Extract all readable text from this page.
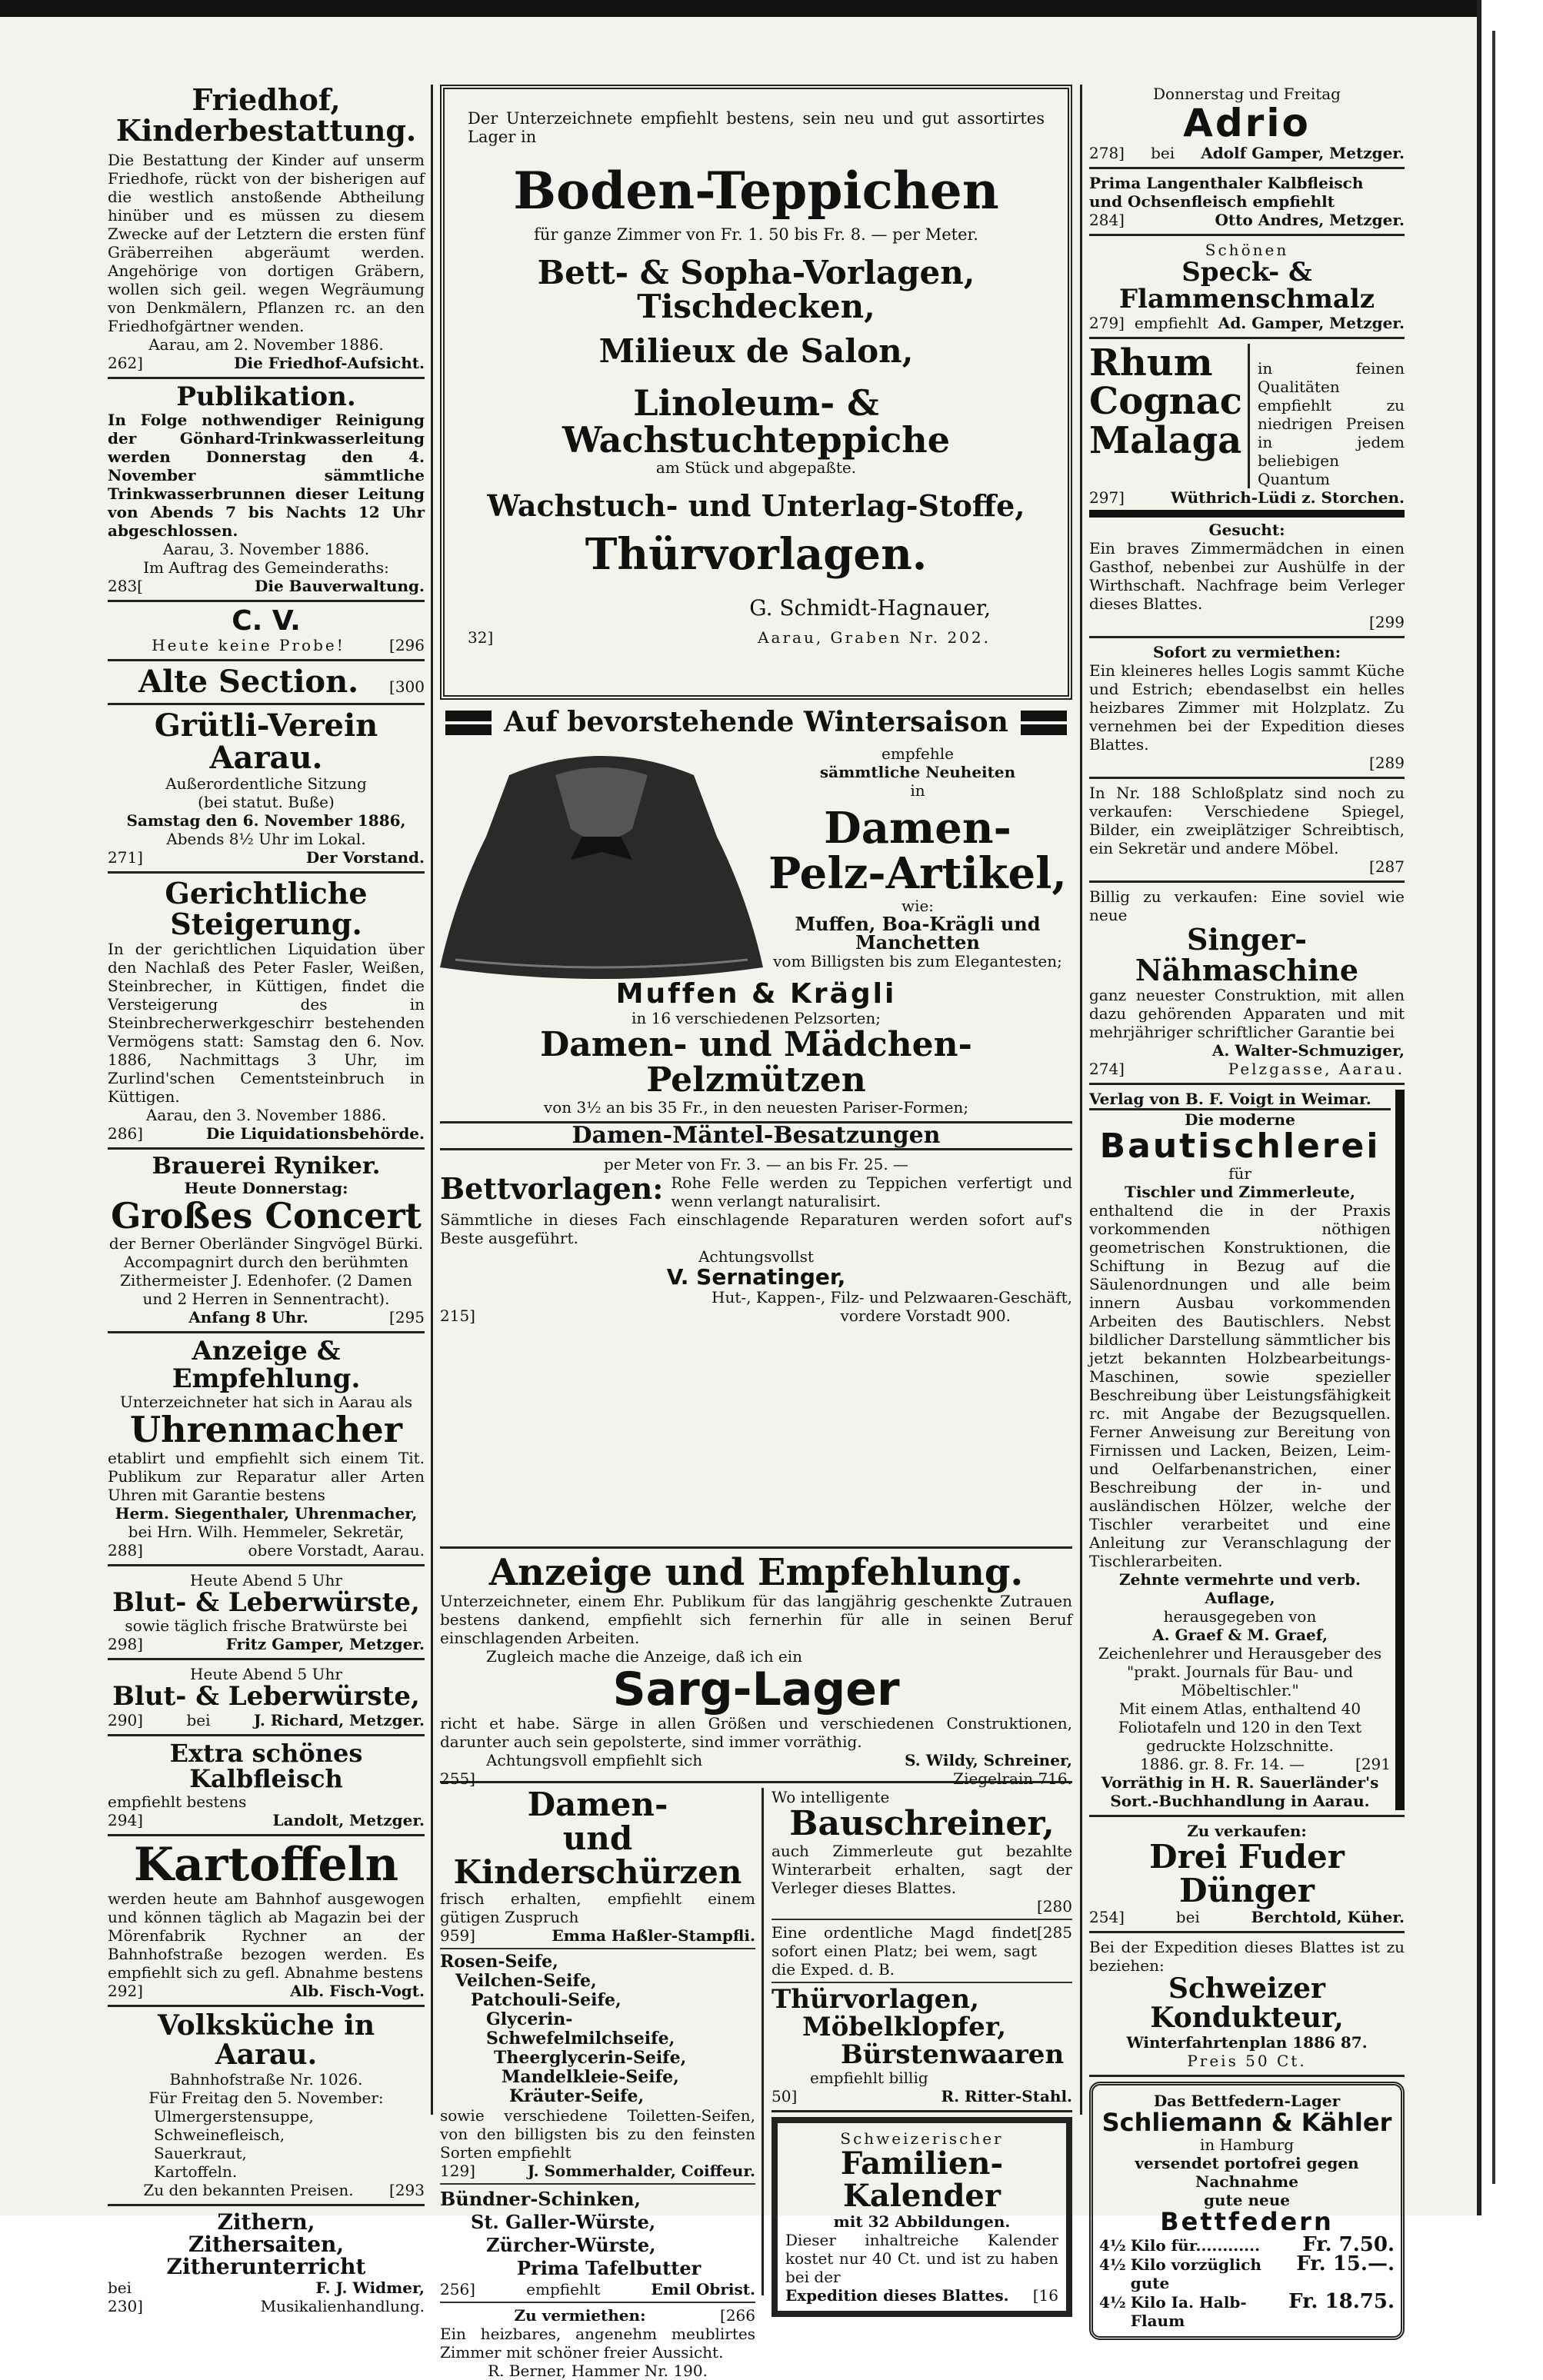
Friedhof, Kinderbestattung.
Die Bestattung der Kinder auf unserm Friedhofe, rückt von der bisherigen auf die westlich anstoßende Abtheilung hinüber und es müssen zu diesem Zwecke auf der Letztern die ersten fünf Gräberreihen abgeräumt werden. Angehörige von dortigen Gräbern, wollen sich geil. wegen Wegräumung von Denkmälern, Pflanzen rc. an den Friedhofgärtner wenden.
Aarau, am 2. November 1886.
262]	Die Friedhof-Aufsicht.
Publikation.
In Folge nothwendiger Reinigung der Gönhard-Trinkwasserleitung werden Donnerstag den 4. November sämmtliche Trinkwasserbrunnen dieser Leitung von Abends 7 bis Nachts 12 Uhr abgeschlossen.
Aarau, 3. November 1886.
Im Auftrag des Gemeinderaths:
283[	Die Bauverwaltung.
C. V.
Heute keine Probe!	[296
Alte Section.	[300
Grütli-Verein Aarau.
Außerordentliche Sitzung
(bei statut. Buße)
Samstag den 6. November 1886,
Abends 8½ Uhr im Lokal.
271]	Der Vorstand.
Gerichtliche Steigerung.
In der gerichtlichen Liquidation über den Nachlaß des Peter Fasler, Weißen, Steinbrecher, in Küttigen, findet die Versteigerung des in Steinbrecherwerkgeschirr bestehenden Vermögens statt: Samstag den 6. Nov. 1886, Nachmittags 3 Uhr, im Zurlind'schen Cementsteinbruch in Küttigen.
Aarau, den 3. November 1886.
286]	Die Liquidationsbehörde.
Brauerei Ryniker.
Heute Donnerstag:
Großes Concert
der Berner Oberländer Singvögel Bürki. Accompagnirt durch den berühmten Zithermeister J. Edenhofer. (2 Damen und 2 Herren in Sennentracht).
Anfang 8 Uhr.	[295
Anzeige & Empfehlung.
Unterzeichneter hat sich in Aarau als
Uhrenmacher
etablirt und empfiehlt sich einem Tit. Publikum zur Reparatur aller Arten Uhren mit Garantie bestens
Herm. Siegenthaler, Uhrenmacher,
bei Hrn. Wilh. Hemmeler, Sekretär,
288]	obere Vorstadt, Aarau.
Heute Abend 5 Uhr
Blut- & Leberwürste,
sowie täglich frische Bratwürste bei
298]	Fritz Gamper, Metzger.
Heute Abend 5 Uhr
Blut- & Leberwürste,
290]	bei	J. Richard, Metzger.
Extra schönes Kalbfleisch
empfiehlt bestens
294]	Landolt, Metzger.
Kartoffeln
werden heute am Bahnhof ausgewogen und können täglich ab Magazin bei der Mörenfabrik Rychner an der Bahnhofstraße bezogen werden. Es empfiehlt sich zu gefl. Abnahme bestens
292]	Alb. Fisch-Vogt.
Volksküche in Aarau.
Bahnhofstraße Nr. 1026.
Für Freitag den 5. November:
Ulmergerstensuppe,
Schweinefleisch,
Sauerkraut,
Kartoffeln.
Zu den bekannten Preisen.	[293
Zithern,
Zithersaiten,
Zitherunterricht
bei	F. J. Widmer,
230]	Musikalienhandlung.
Der Unterzeichnete empfiehlt bestens, sein neu und gut assortirtes Lager in
Boden-Teppichen
für ganze Zimmer von Fr. 1. 50 bis Fr. 8. — per Meter.
Bett- & Sopha-Vorlagen, Tischdecken,
Milieux de Salon,
Linoleum- & Wachstuchteppiche
am Stück und abgepaßte.
Wachstuch- und Unterlag-Stoffe,
Thürvorlagen.
G. Schmidt-Hagnauer,
32]	Aarau, Graben Nr. 202.
Auf bevorstehende Wintersaison
empfehle
sämmtliche Neuheiten
in
Damen-
Pelz-Artikel,
wie:
Muffen, Boa-Krägli und Manchetten
vom Billigsten bis zum Elegantesten;
Muffen & Krägli
in 16 verschiedenen Pelzsorten;
Damen- und Mädchen-Pelzmützen
von 3½ an bis 35 Fr., in den neuesten Pariser-Formen;
Damen-Mäntel-Besatzungen
per Meter von Fr. 3. — an bis Fr. 25. —
Bettvorlagen: Rohe Felle werden zu Teppichen verfertigt und wenn verlangt naturalisirt.
Sämmtliche in dieses Fach einschlagende Reparaturen werden sofort auf's Beste ausgeführt.
Achtungsvollst
V. Sernatinger,
Hut-, Kappen-, Filz- und Pelzwaaren-Geschäft,
215]	vordere Vorstadt 900.
Anzeige und Empfehlung.
Unterzeichneter, einem Ehr. Publikum für das langjährig geschenkte Zutrauen bestens dankend, empfiehlt sich fernerhin für alle in seinen Beruf einschlagenden Arbeiten.
Zugleich mache die Anzeige, daß ich ein
Sarg-Lager
richt et habe. Särge in allen Größen und verschiedenen Construktionen, darunter auch sein gepolsterte, sind immer vorräthig.
Achtungsvoll empfiehlt sich	S. Wildy, Schreiner,
255]	Ziegelrain 716.
Damen-
und Kinderschürzen
frisch erhalten, empfiehlt einem gütigen Zuspruch
959]	Emma Haßler-Stampfli.
Rosen-Seife,
Veilchen-Seife,
Patchouli-Seife,
Glycerin-Schwefelmilchseife,
Theerglycerin-Seife,
Mandelkleie-Seife,
Kräuter-Seife,
sowie verschiedene Toiletten-Seifen, von den billigsten bis zu den feinsten Sorten empfiehlt
129]	J. Sommerhalder, Coiffeur.
Bündner-Schinken,
St. Galler-Würste,
Zürcher-Würste,
Prima Tafelbutter
256]	empfiehlt	Emil Obrist.
Zu vermiethen:	[266
Ein heizbares, angenehm meublirtes Zimmer mit schöner freier Aussicht.
R. Berner, Hammer Nr. 190.
Wo intelligente
Bauschreiner,
auch Zimmerleute gut bezahlte Winterarbeit erhalten, sagt der Verleger dieses Blattes.
[280
Eine ordentliche Magd findet sofort einen Platz; bei wem, sagt die Exped. d. B.
[285
Thürvorlagen,
Möbelklopfer,
Bürstenwaaren
empfiehlt billig
50]	R. Ritter-Stahl.
Schweizerischer
Familien-Kalender
mit 32 Abbildungen.
Dieser inhaltreiche Kalender kostet nur 40 Ct. und ist zu haben bei der
Expedition dieses Blattes. [16
Donnerstag und Freitag
Adrio
278] bei Adolf Gamper, Metzger.
Prima Langenthaler Kalbfleisch
und Ochsenfleisch empfiehlt
284]	Otto Andres, Metzger.
Schönen
Speck- & Flammenschmalz
279] empfiehlt Ad. Gamper, Metzger.
Rhum
Cognac
Malaga
in feinen Qualitäten empfiehlt zu niedrigen Preisen in jedem beliebigen Quantum
297]	Wüthrich-Lüdi z. Storchen.
Gesucht:
Ein braves Zimmermädchen in einen Gasthof, nebenbei zur Aushülfe in der Wirthschaft. Nachfrage beim Verleger dieses Blattes.
[299
Sofort zu vermiethen:
Ein kleineres helles Logis sammt Küche und Estrich; ebendaselbst ein helles heizbares Zimmer mit Holzplatz. Zu vernehmen bei der Expedition dieses Blattes.
[289
In Nr. 188 Schloßplatz sind noch zu verkaufen: Verschiedene Spiegel, Bilder, ein zweiplätziger Schreibtisch, ein Sekretär und andere Möbel.
[287
Billig zu verkaufen: Eine soviel wie neue
Singer-Nähmaschine
ganz neuester Construktion, mit allen dazu gehörenden Apparaten und mit mehrjähriger schriftlicher Garantie bei
A. Walter-Schmuziger,
274]	Pelzgasse, Aarau.
Verlag von B. F. Voigt in Weimar.
Die moderne
Bautischlerei
für
Tischler und Zimmerleute,
enthaltend die in der Praxis vorkommenden nöthigen geometrischen Konstruktionen, die Schiftung in Bezug auf die Säulenordnungen und alle beim innern Ausbau vorkommenden Arbeiten des Bautischlers. Nebst bildlicher Darstellung sämmtlicher bis jetzt bekannten Holzbearbeitungs-Maschinen, sowie spezieller Beschreibung über Leistungsfähigkeit rc. mit Angabe der Bezugsquellen. Ferner Anweisung zur Bereitung von Firnissen und Lacken, Beizen, Leim- und Oelfarbenanstrichen, einer Beschreibung der in- und ausländischen Hölzer, welche der Tischler verarbeitet und eine Anleitung zur Veranschlagung der Tischlerarbeiten.
Zehnte vermehrte und verb. Auflage,
herausgegeben von
A. Graef & M. Graef,
Zeichenlehrer und Herausgeber des "prakt. Journals für Bau- und Möbeltischler."
Mit einem Atlas, enthaltend 40 Foliotafeln und 120 in den Text gedruckte Holzschnitte.
1886. gr. 8. Fr. 14. —	[291
Vorräthig in H. R. Sauerländer's Sort.-Buchhandlung in Aarau.
Zu verkaufen:
Drei Fuder Dünger
254]	bei	Berchtold, Küher.
Bei der Expedition dieses Blattes ist zu beziehen:
Schweizer Kondukteur,
Winterfahrtenplan 1886 87.
Preis 50 Ct.
Das Bettfedern-Lager
Schliemann & Kähler
in Hamburg
versendet portofrei gegen Nachnahme
gute neue
Bettfedern
4½ Kilo für............	Fr. 7.50.
4½ Kilo vorzüglich gute
Fr. 15.—.
4½ Kilo Ia. Halb-Flaum
Fr. 18.75.
